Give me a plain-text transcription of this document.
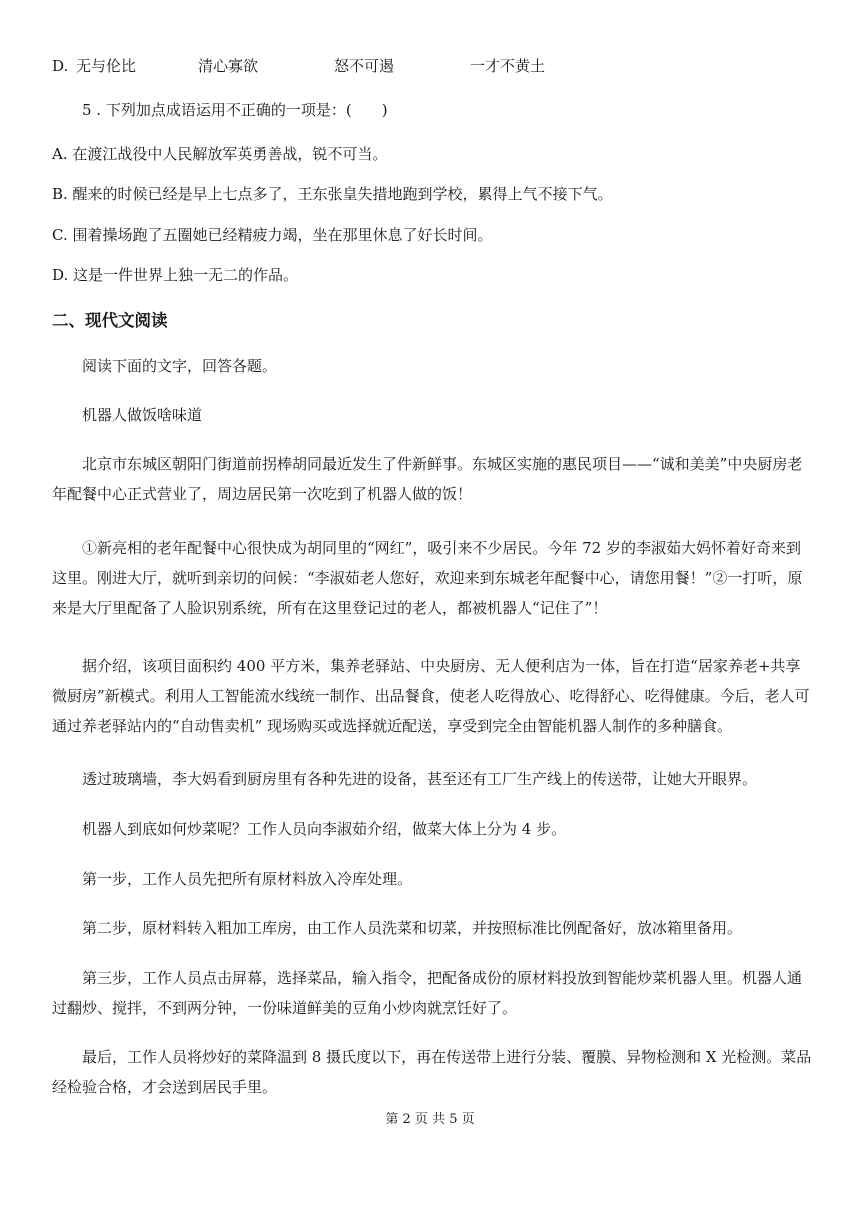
D. 无与伦比	清心寡欲	怒不可遏	一才不黄土
5 . 下列加点成语运用不正确的一项是：(　　)
A. 在渡江战役中人民解放军英勇善战，锐不可当。
B. 醒来的时候已经是早上七点多了，王东张皇失措地跑到学校，累得上气不接下气。
C. 围着操场跑了五圈她已经精疲力竭，坐在那里休息了好长时间。
D. 这是一件世界上独一无二的作品。
二、现代文阅读
阅读下面的文字，回答各题。
机器人做饭啥味道
北京市东城区朝阳门街道前拐棒胡同最近发生了件新鲜事。东城区实施的惠民项目——“诚和美美”中央厨房老年配餐中心正式营业了，周边居民第一次吃到了机器人做的饭！
①新亮相的老年配餐中心很快成为胡同里的“网红”，吸引来不少居民。今年 72 岁的李淑茹大妈怀着好奇来到这里。刚进大厅，就听到亲切的问候：“李淑茹老人您好，欢迎来到东城老年配餐中心，请您用餐！”②一打听，原来是大厅里配备了人脸识别系统，所有在这里登记过的老人，都被机器人“记住了”！
据介绍，该项目面积约 400 平方米，集养老驿站、中央厨房、无人便利店为一体，旨在打造“居家养老+共享微厨房”新模式。利用人工智能流水线统一制作、出品餐食，使老人吃得放心、吃得舒心、吃得健康。今后，老人可通过养老驿站内的“自动售卖机” 现场购买或选择就近配送，享受到完全由智能机器人制作的多种膳食。
透过玻璃墙，李大妈看到厨房里有各种先进的设备，甚至还有工厂生产线上的传送带，让她大开眼界。
机器人到底如何炒菜呢？工作人员向李淑茹介绍，做菜大体上分为 4 步。
第一步，工作人员先把所有原材料放入冷库处理。
第二步，原材料转入粗加工库房，由工作人员洗菜和切菜，并按照标准比例配备好，放冰箱里备用。
第三步，工作人员点击屏幕，选择菜品，输入指令，把配备成份的原材料投放到智能炒菜机器人里。机器人通过翻炒、搅拌，不到两分钟，一份味道鲜美的豆角小炒肉就烹饪好了。
最后，工作人员将炒好的菜降温到 8 摄氏度以下，再在传送带上进行分装、覆膜、异物检测和 X 光检测。菜品经检验合格，才会送到居民手里。
第 2 页 共 5 页
